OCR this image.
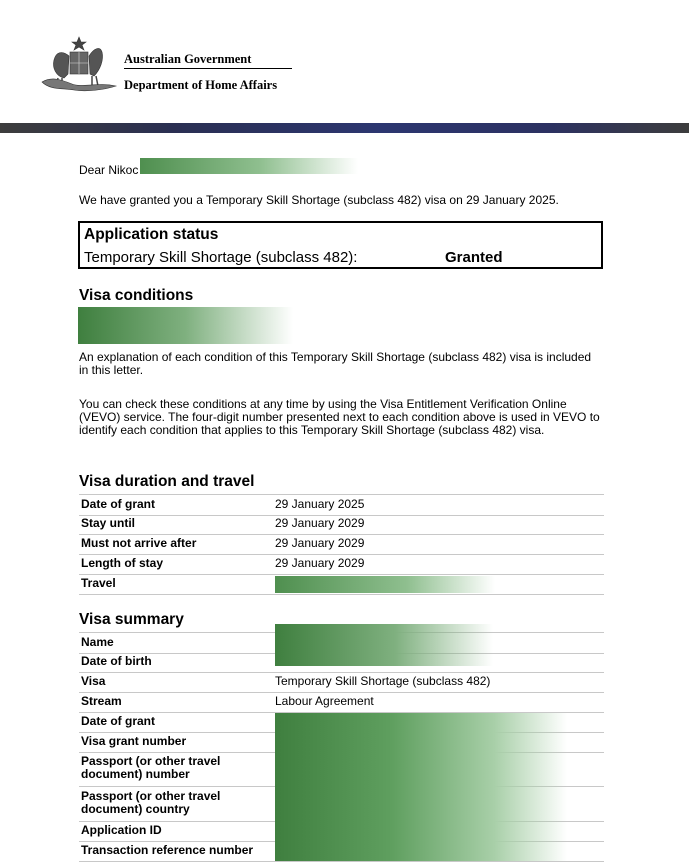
Australian Government
Department of Home Affairs
Dear Nikoc
We have granted you a Temporary Skill Shortage (subclass 482) visa on 29 January 2025.
Application status
Temporary Skill Shortage (subclass 482):	Granted
Visa conditions
An explanation of each condition of this Temporary Skill Shortage (subclass 482) visa is included in this letter.
You can check these conditions at any time by using the Visa Entitlement Verification Online (VEVO) service. The four-digit number presented next to each condition above is used in VEVO to identify each condition that applies to this Temporary Skill Shortage (subclass 482) visa.
Visa duration and travel
Date of grant	29 January 2025
Stay until	29 January 2029
Must not arrive after	29 January 2029
Length of stay	29 January 2029
Travel
Visa summary
Name
Date of birth
Visa	Temporary Skill Shortage (subclass 482)
Stream	Labour Agreement
Date of grant
Visa grant number
Passport (or other travel document) number
Passport (or other travel document) country
Application ID
Transaction reference number
